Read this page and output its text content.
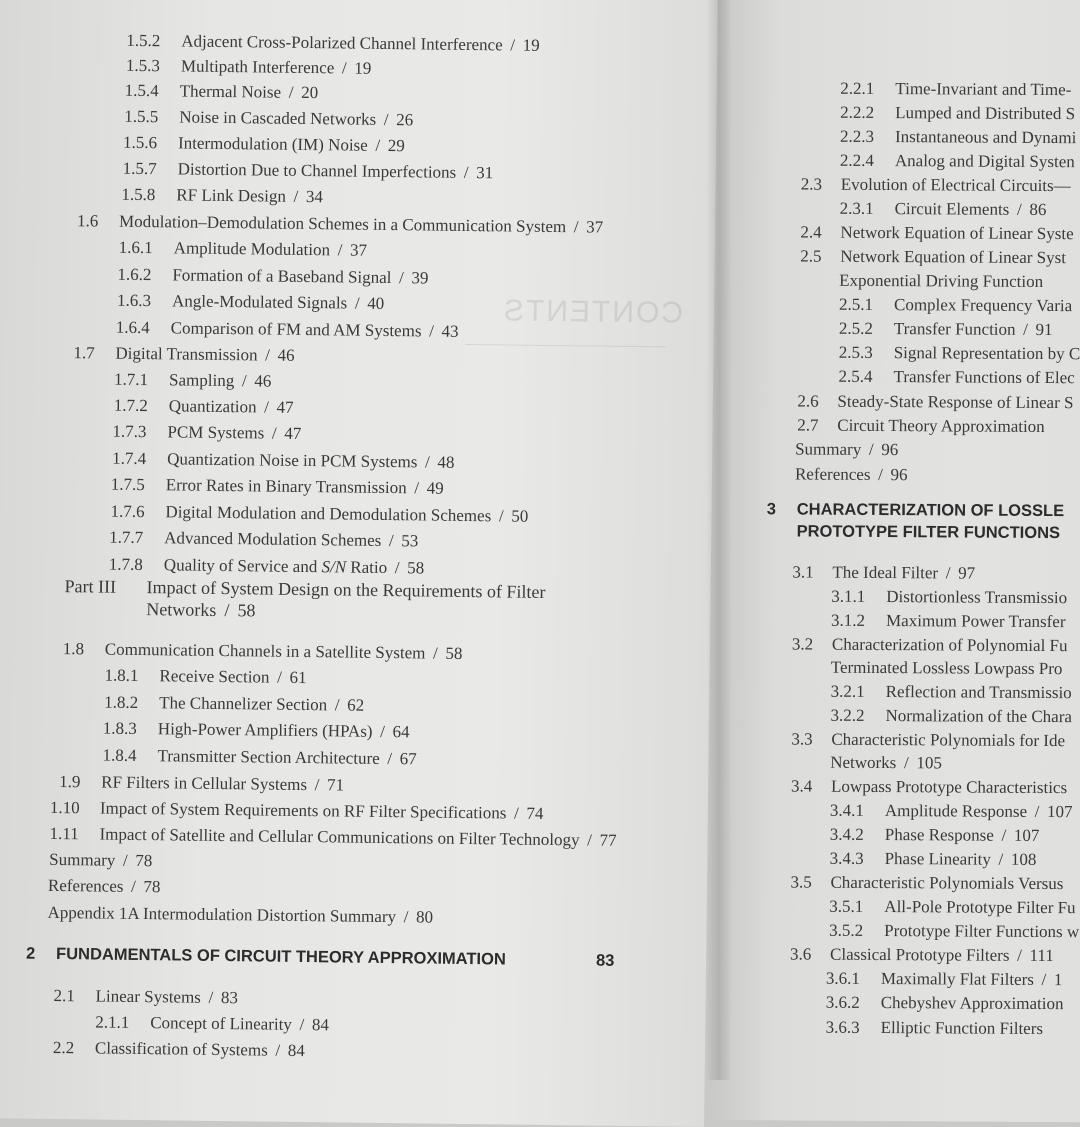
CONTENTS
1.5.2 Adjacent Cross-Polarized Channel Interference / 19
1.5.3 Multipath Interference / 19
1.5.4 Thermal Noise / 20
1.5.5 Noise in Cascaded Networks / 26
1.5.6 Intermodulation (IM) Noise / 29
1.5.7 Distortion Due to Channel Imperfections / 31
1.5.8 RF Link Design / 34
1.6 Modulation–Demodulation Schemes in a Communication System / 37
1.6.1 Amplitude Modulation / 37
1.6.2 Formation of a Baseband Signal / 39
1.6.3 Angle-Modulated Signals / 40
1.6.4 Comparison of FM and AM Systems / 43
1.7 Digital Transmission / 46
1.7.1 Sampling / 46
1.7.2 Quantization / 47
1.7.3 PCM Systems / 47
1.7.4 Quantization Noise in PCM Systems / 48
1.7.5 Error Rates in Binary Transmission / 49
1.7.6 Digital Modulation and Demodulation Schemes / 50
1.7.7 Advanced Modulation Schemes / 53
1.7.8 Quality of Service and S/N Ratio / 58
1.8 Communication Channels in a Satellite System / 58
1.8.1 Receive Section / 61
1.8.2 The Channelizer Section / 62
1.8.3 High-Power Amplifiers (HPAs) / 64
1.8.4 Transmitter Section Architecture / 67
1.9 RF Filters in Cellular Systems / 71
1.10 Impact of System Requirements on RF Filter Specifications / 74
1.11 Impact of Satellite and Cellular Communications on Filter Technology / 77
Summary / 78
References / 78
Appendix 1A Intermodulation Distortion Summary / 80
2.1 Linear Systems / 83
2.1.1 Concept of Linearity / 84
2.2 Classification of Systems / 84
Part III Impact of System Design on the Requirements of Filter
Networks / 58
2 FUNDAMENTALS OF CIRCUIT THEORY APPROXIMATION	83
2.2.1 Time-Invariant and Time-
2.2.2 Lumped and Distributed S
2.2.3 Instantaneous and Dynami
2.2.4 Analog and Digital Systen
2.3 Evolution of Electrical Circuits—
2.3.1 Circuit Elements / 86
2.4 Network Equation of Linear Syste
2.5 Network Equation of Linear Syst
Exponential Driving Function
2.5.1 Complex Frequency Varia
2.5.2 Transfer Function / 91
2.5.3 Signal Representation by C
2.5.4 Transfer Functions of Elec
2.6 Steady-State Response of Linear S
2.7 Circuit Theory Approximation
Summary / 96
References / 96
3.1 The Ideal Filter / 97
3.1.1 Distortionless Transmissio
3.1.2 Maximum Power Transfer
3.2 Characterization of Polynomial Fu
Terminated Lossless Lowpass Pro
3.2.1 Reflection and Transmissio
3.2.2 Normalization of the Chara
3.3 Characteristic Polynomials for Ide
Networks / 105
3.4 Lowpass Prototype Characteristics
3.4.1 Amplitude Response / 107
3.4.2 Phase Response / 107
3.4.3 Phase Linearity / 108
3.5 Characteristic Polynomials Versus
3.5.1 All-Pole Prototype Filter Fu
3.5.2 Prototype Filter Functions w
3.6 Classical Prototype Filters / 111
3.6.1 Maximally Flat Filters / 1
3.6.2 Chebyshev Approximation
3.6.3 Elliptic Function Filters
3 CHARACTERIZATION OF LOSSLE
PROTOTYPE FILTER FUNCTIONS
